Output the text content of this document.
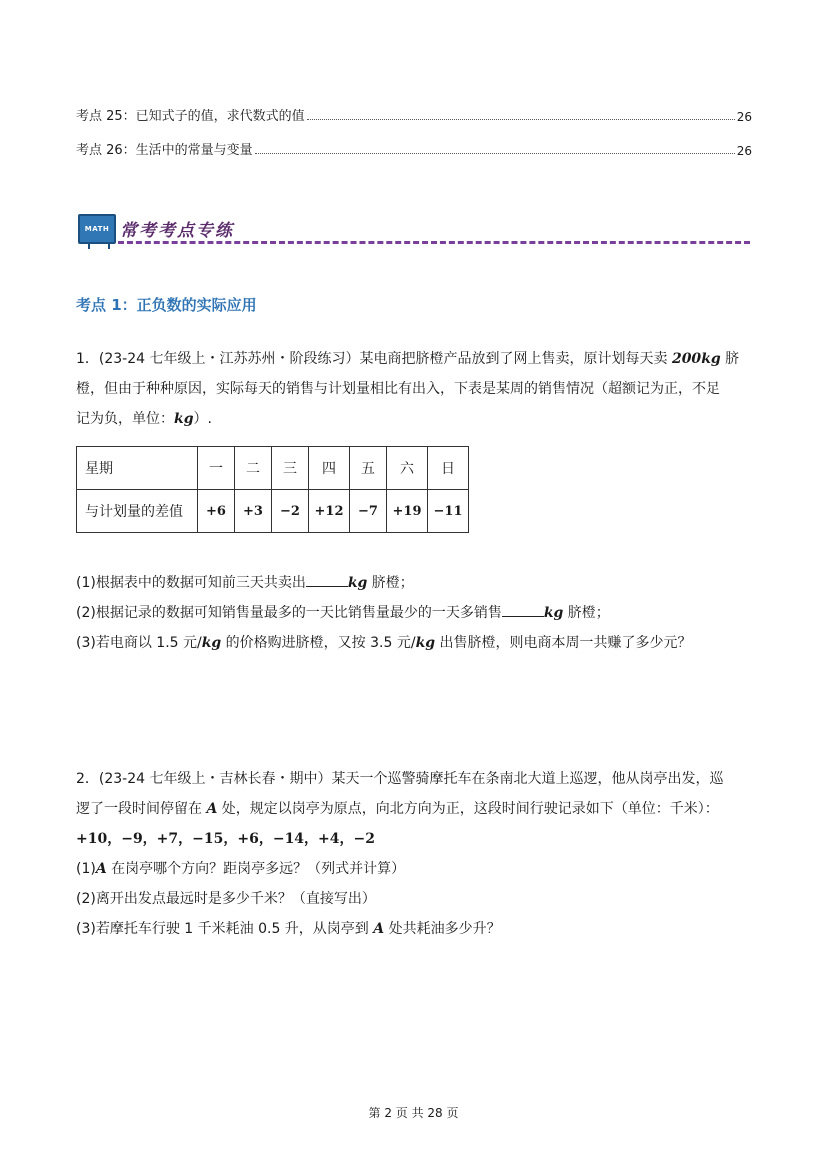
考点 25：已知式子的值，求代数式的值	26
考点 26：生活中的常量与变量	26
MATH 常考考点专练
考点 1：正负数的实际应用

1．(23-24 七年级上・江苏苏州・阶段练习）某电商把脐橙产品放到了网上售卖，原计划每天卖 200kg 脐

橙，但由于种种原因，实际每天的销售与计划量相比有出入，下表是某周的销售情况（超额记为正，不足

记为负，单位：kg）.

星期	一	二	三	四	五	六	日
与计划量的差值	+6	+3	−2	+12	−7	+19	−11

(1)根据表中的数据可知前三天共卖出	kg 脐橙；

(2)根据记录的数据可知销售量最多的一天比销售量最少的一天多销售	kg 脐橙；

(3)若电商以 1.5 元/kg 的价格购进脐橙，又按 3.5 元/kg 出售脐橙，则电商本周一共赚了多少元？

2．(23-24 七年级上・吉林长春・期中）某天一个巡警骑摩托车在条南北大道上巡逻，他从岗亭出发，巡

逻了一段时间停留在 A 处，规定以岗亭为原点，向北方向为正，这段时间行驶记录如下（单位：千米）：

+10，−9，+7，−15，+6，−14，+4，−2

(1)A 在岗亭哪个方向？距岗亭多远？（列式并计算）

(2)离开出发点最远时是多少千米？（直接写出）

(3)若摩托车行驶 1 千米耗油 0.5 升，从岗亭到 A 处共耗油多少升？

第 2 页 共 28 页
